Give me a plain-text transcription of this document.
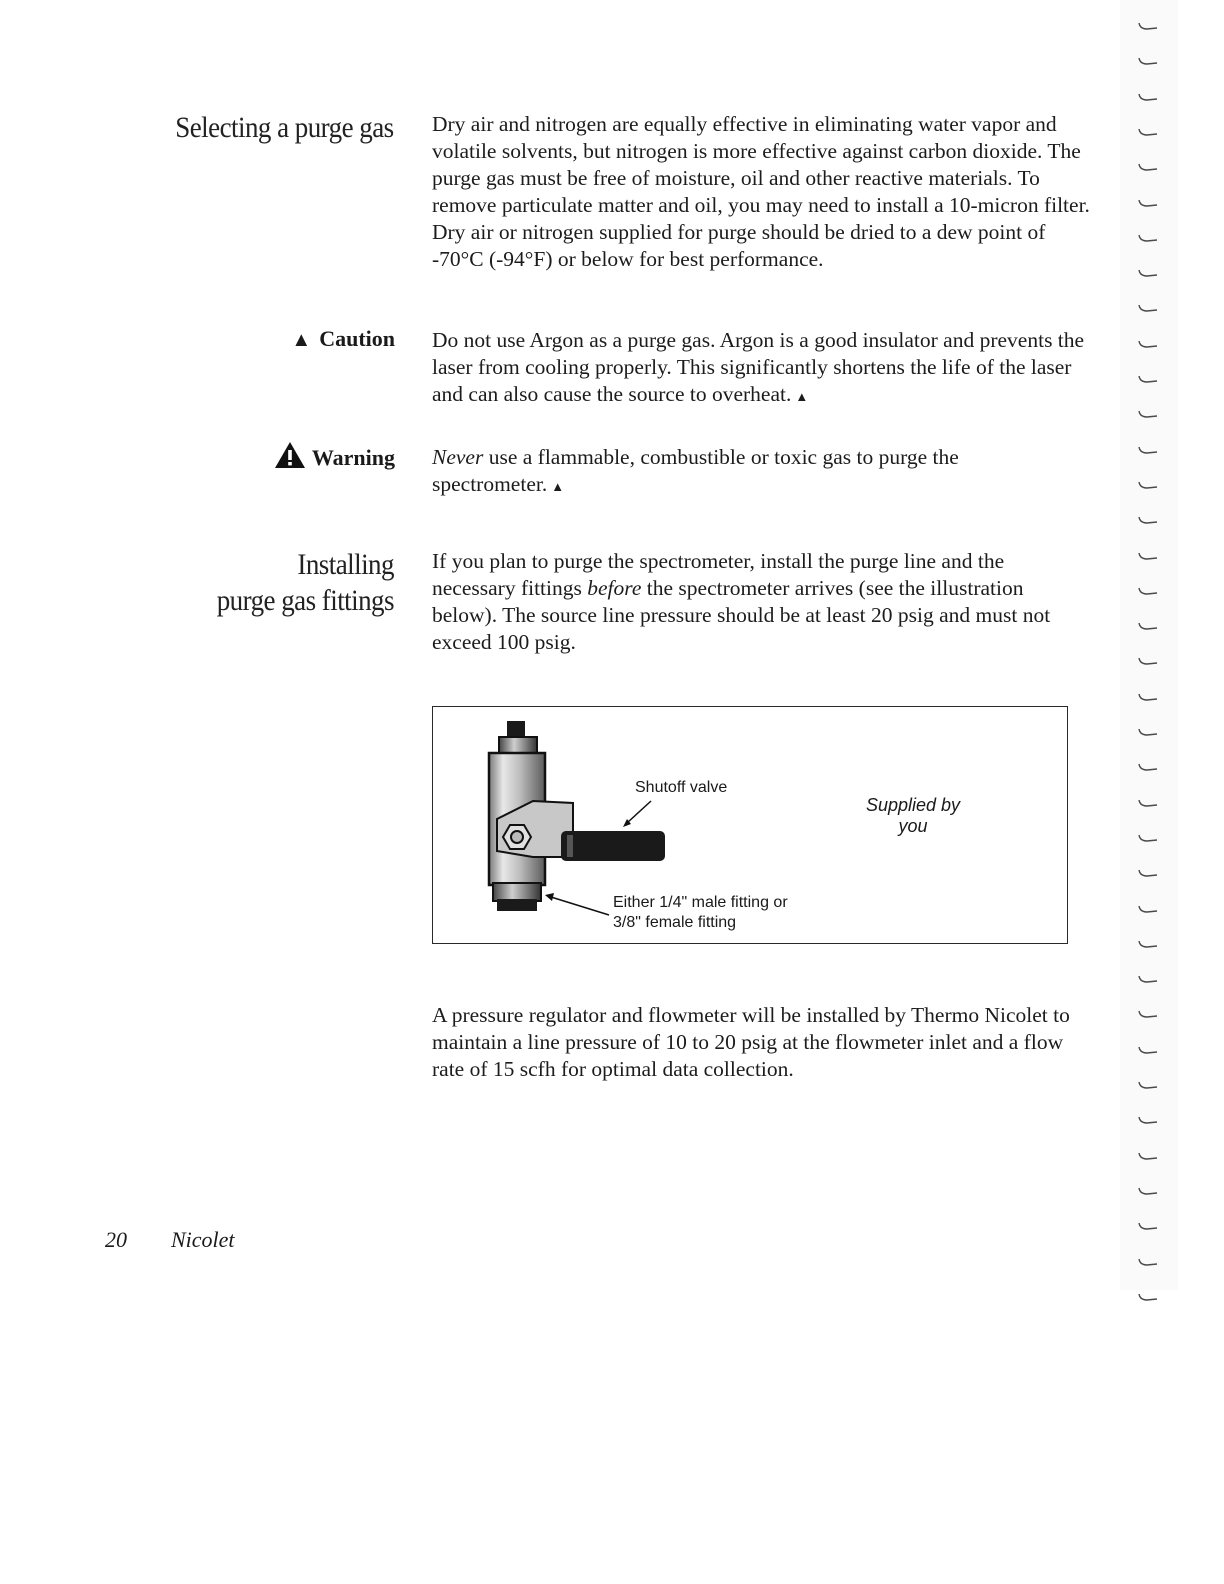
Selecting a purge gas Dry air and nitrogen are equally effective in eliminating water vapor and volatile solvents, but nitrogen is more effective against carbon dioxide. The purge gas must be free of moisture, oil and other reactive materials. To remove particulate matter and oil, you may need to install a 10-micron filter. Dry air or nitrogen supplied for purge should be dried to a dew point of -70°C (-94°F) or below for best performance.

▲ Caution Do not use Argon as a purge gas. Argon is a good insulator and prevents the laser from cooling properly. This significantly shortens the life of the laser and can also cause the source to overheat. ▲

Warning Never use a flammable, combustible or toxic gas to purge the spectrometer. ▲

Installing
purge gas fittings

If you plan to purge the spectrometer, install the purge line and the necessary fittings before the spectrometer arrives (see the illustration below). The source line pressure should be at least 20 psig and must not exceed 100 psig.

Shutoff valve
Either 1/4" male fitting or
3/8" female fitting
Supplied by
you

A pressure regulator and flowmeter will be installed by Thermo Nicolet to maintain a line pressure of 10 to 20 psig at the flowmeter inlet and a flow rate of 15 scfh for optimal data collection.

20 Nicolet
